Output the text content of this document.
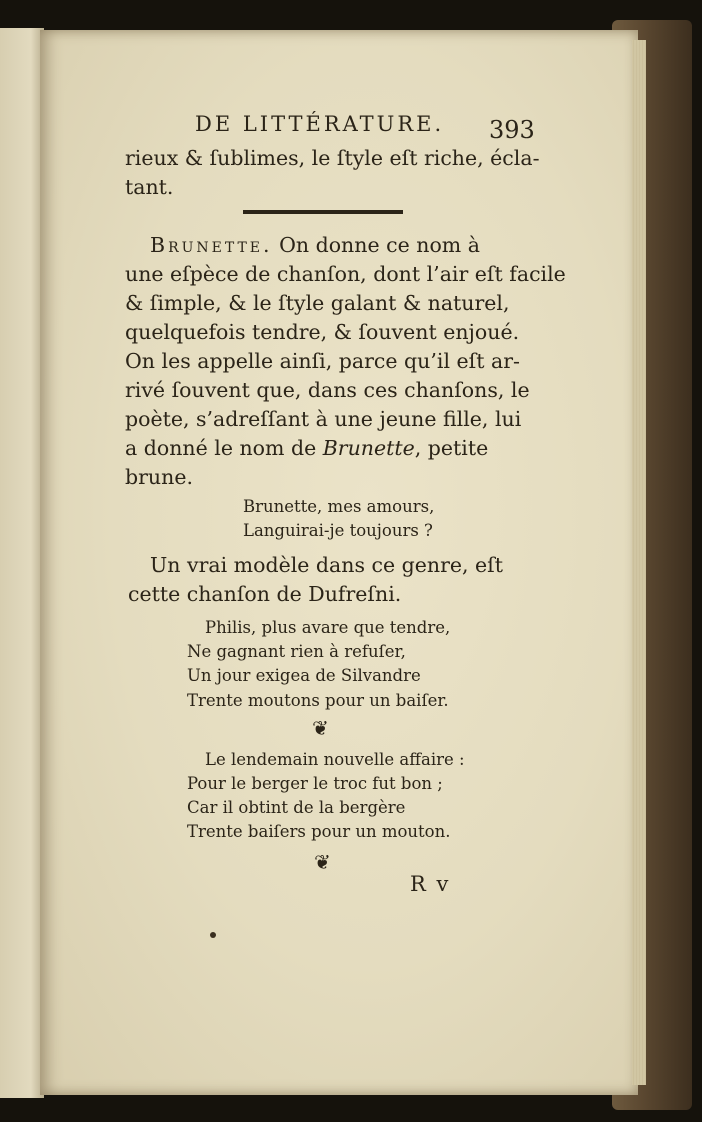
DE LITTÉRATURE. 393
rieux & ſublimes, le ſtyle eſt riche, écla-
tant.
Brunette. On donne ce nom à
une eſpèce de chanſon, dont l’air eſt facile
& ſimple, & le ſtyle galant & naturel,
quelquefois tendre, & ſouvent enjoué.
On les appelle ainſi, parce qu’il eſt ar-
rivé ſouvent que, dans ces chanſons, le
poète, s’adreſſant à une jeune fille, lui
a donné le nom de Brunette, petite
brune.
Brunette, mes amours,
Languirai-je toujours ?
Un vrai modèle dans ce genre, eſt
cette chanſon de Dufreſni.
Philis, plus avare que tendre,
Ne gagnant rien à refuſer,
Un jour exigea de Silvandre
Trente moutons pour un baiſer.
❦
Le lendemain nouvelle affaire :
Pour le berger le troc fut bon ;
Car il obtint de la bergère
Trente baiſers pour un mouton.
❦
R v
